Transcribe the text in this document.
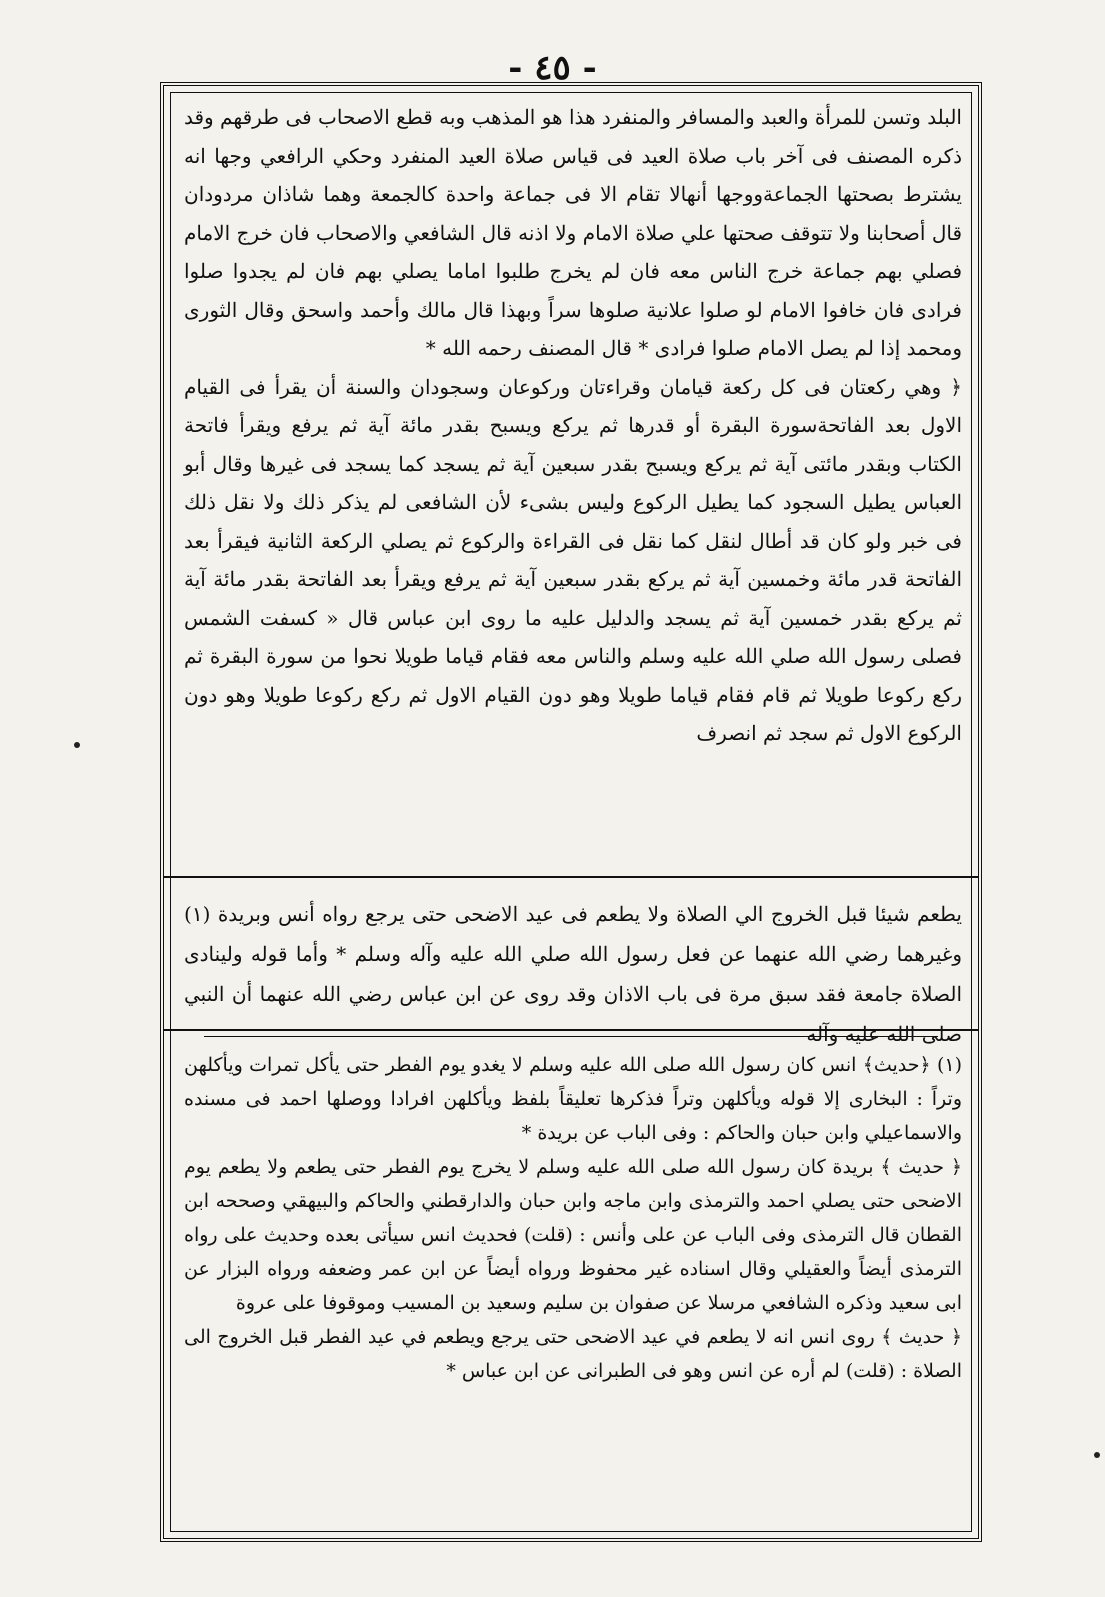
- ٤٥ -

البلد وتسن للمرأة والعبد والمسافر والمنفرد هذا هو المذهب وبه قطع الاصحاب فى طرقهم وقد ذكره المصنف فى آخر باب صلاة العيد فى قياس صلاة العيد المنفرد وحكي الرافعي وجها انه يشترط بصحتها الجماعةووجها أنهالا تقام الا فى جماعة واحدة كالجمعة وهما شاذان مردودان قال أصحابنا ولا تتوقف صحتها علي صلاة الامام ولا اذنه قال الشافعي والاصحاب فان خرج الامام فصلي بهم جماعة خرج الناس معه فان لم يخرج طلبوا اماما يصلي بهم فان لم يجدوا صلوا فرادى فان خافوا الامام لو صلوا علانية صلوها سراً وبهذا قال مالك وأحمد واسحق وقال الثورى ومحمد إذا لم يصل الامام صلوا فرادى * قال المصنف رحمه الله *

﴿ وهي ركعتان فى كل ركعة قيامان وقراءتان وركوعان وسجودان والسنة أن يقرأ فى القيام الاول بعد الفاتحةسورة البقرة أو قدرها ثم يركع ويسبح بقدر مائة آية ثم يرفع ويقرأ فاتحة الكتاب وبقدر مائتى آية ثم يركع ويسبح بقدر سبعين آية ثم يسجد كما يسجد فى غيرها وقال أبو العباس يطيل السجود كما يطيل الركوع وليس بشىء لأن الشافعى لم يذكر ذلك ولا نقل ذلك فى خبر ولو كان قد أطال لنقل كما نقل فى القراءة والركوع ثم يصلي الركعة الثانية فيقرأ بعد الفاتحة قدر مائة وخمسين آية ثم يركع بقدر سبعين آية ثم يرفع ويقرأ بعد الفاتحة بقدر مائة آية ثم يركع بقدر خمسين آية ثم يسجد والدليل عليه ما روى ابن عباس قال « كسفت الشمس فصلى رسول الله صلي الله عليه وسلم والناس معه فقام قياما طويلا نحوا من سورة البقرة ثم ركع ركوعا طويلا ثم قام فقام قياما طويلا وهو دون القيام الاول ثم ركع ركوعا طويلا وهو دون الركوع الاول ثم سجد ثم انصرف

يطعم شيئا قبل الخروج الي الصلاة ولا يطعم فى عيد الاضحى حتى يرجع رواه أنس وبريدة (١) وغيرهما رضي الله عنهما عن فعل رسول الله صلي الله عليه وآله وسلم * وأما قوله ولينادى الصلاة جامعة فقد سبق مرة فى باب الاذان وقد روى عن ابن عباس رضي الله عنهما أن النبي صلى الله عليه وآله

(١) ﴿حديث﴾ انس كان رسول الله صلى الله عليه وسلم لا يغدو يوم الفطر حتى يأكل تمرات ويأكلهن وتراً : البخارى إلا قوله ويأكلهن وتراً فذكرها تعليقاً بلفظ ويأكلهن افرادا ووصلها احمد فى مسنده والاسماعيلي وابن حبان والحاكم : وفى الباب عن بريدة *

﴿ حديث ﴾ بريدة كان رسول الله صلى الله عليه وسلم لا يخرج يوم الفطر حتى يطعم ولا يطعم يوم الاضحى حتى يصلي احمد والترمذى وابن ماجه وابن حبان والدارقطني والحاكم والبيهقي وصححه ابن القطان قال الترمذى وفى الباب عن على وأنس : (قلت) فحديث انس سيأتى بعده وحديث على رواه الترمذى أيضاً والعقيلي وقال اسناده غير محفوظ ورواه أيضاً عن ابن عمر وضعفه ورواه البزار عن ابى سعيد وذكره الشافعي مرسلا عن صفوان بن سليم وسعيد بن المسيب وموقوفا على عروة

﴿ حديث ﴾ روى انس انه لا يطعم في عيد الاضحى حتى يرجع ويطعم في عيد الفطر قبل الخروج الى الصلاة : (قلت) لم أره عن انس وهو فى الطبرانى عن ابن عباس *
